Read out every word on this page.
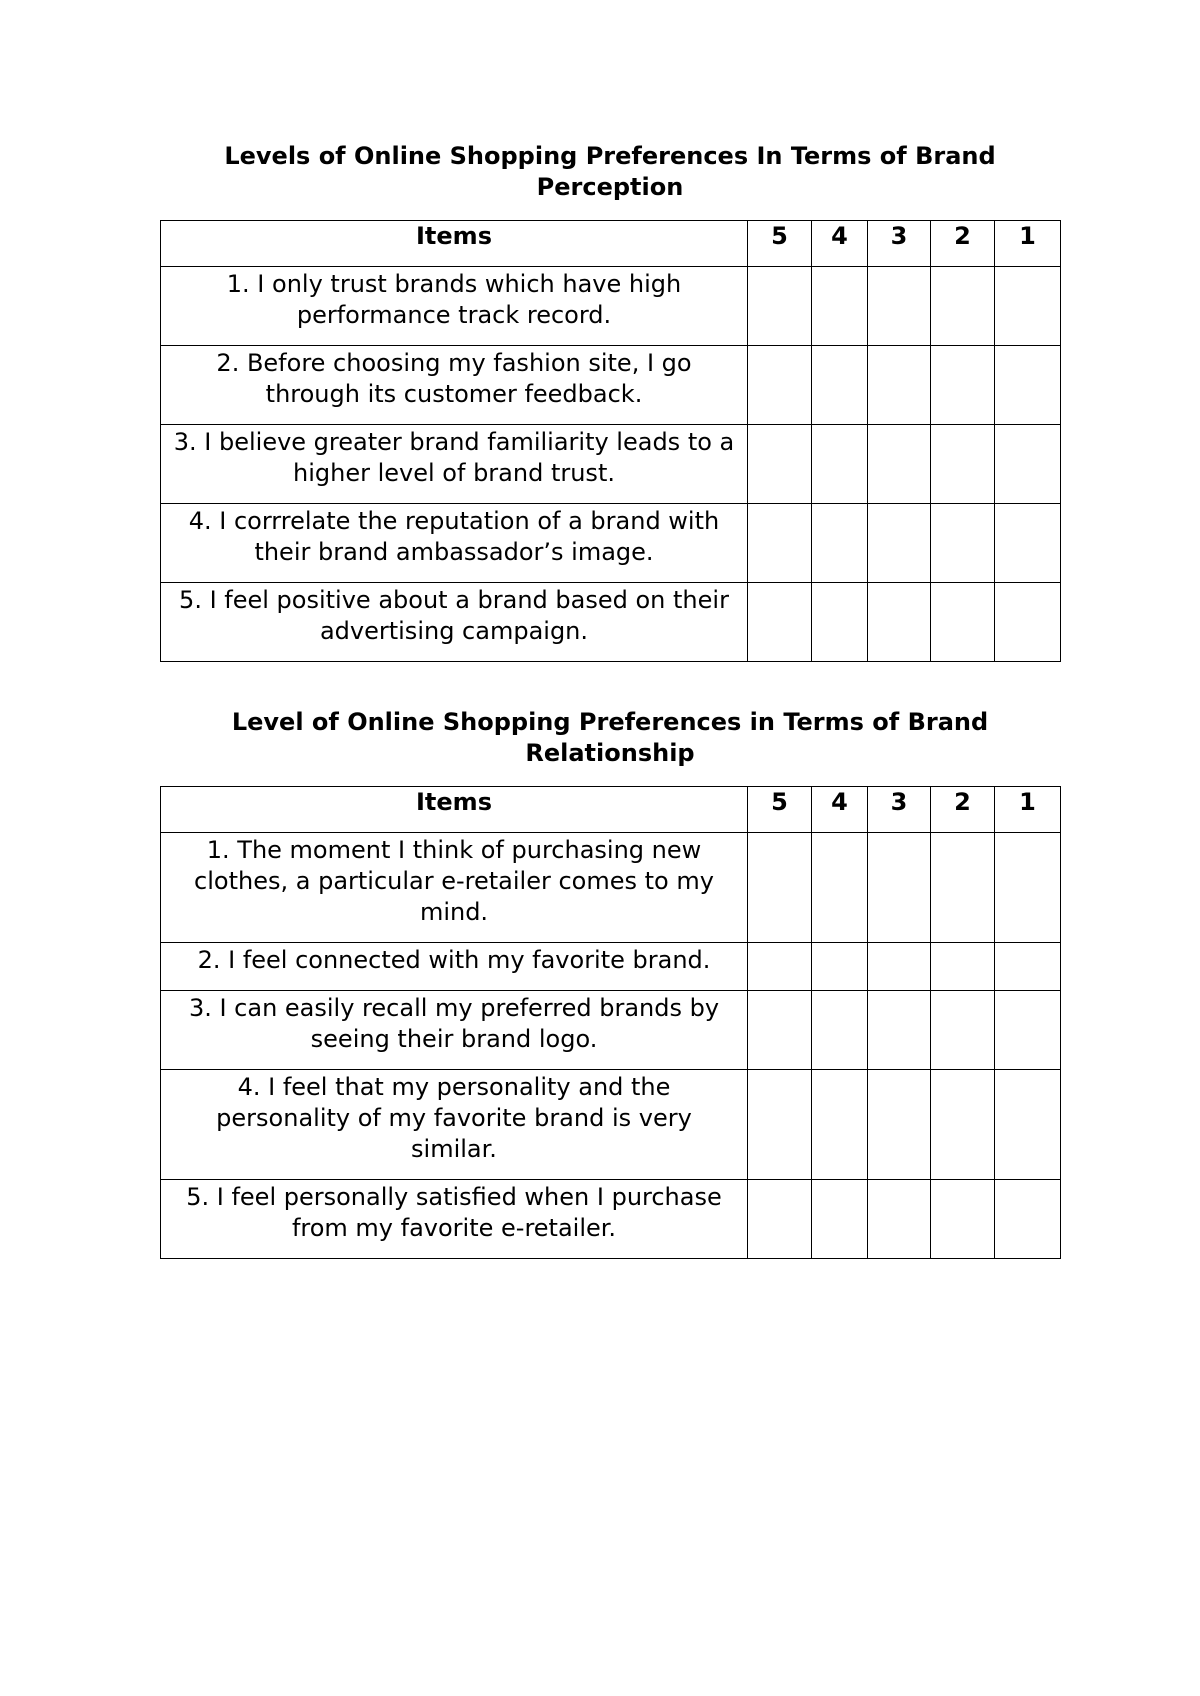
Levels of Online Shopping Preferences In Terms of Brand Perception
Items	5	4	3	2	1
1. I only trust brands which have high performance track record.					
2. Before choosing my fashion site, I go through its customer feedback.					
3. I believe greater brand familiarity leads to a higher level of brand trust.					
4. I corrrelate the reputation of a brand with their brand ambassador’s image.					
5. I feel positive about a brand based on their advertising campaign.					
Level of Online Shopping Preferences in Terms of Brand Relationship
Items	5	4	3	2	1
1. The moment I think of purchasing new clothes, a particular e-retailer comes to my mind.					
2. I feel connected with my favorite brand.					
3. I can easily recall my preferred brands by seeing their brand logo.					
4. I feel that my personality and the personality of my favorite brand is very similar.					
5. I feel personally satisfied when I purchase from my favorite e-retailer.					
